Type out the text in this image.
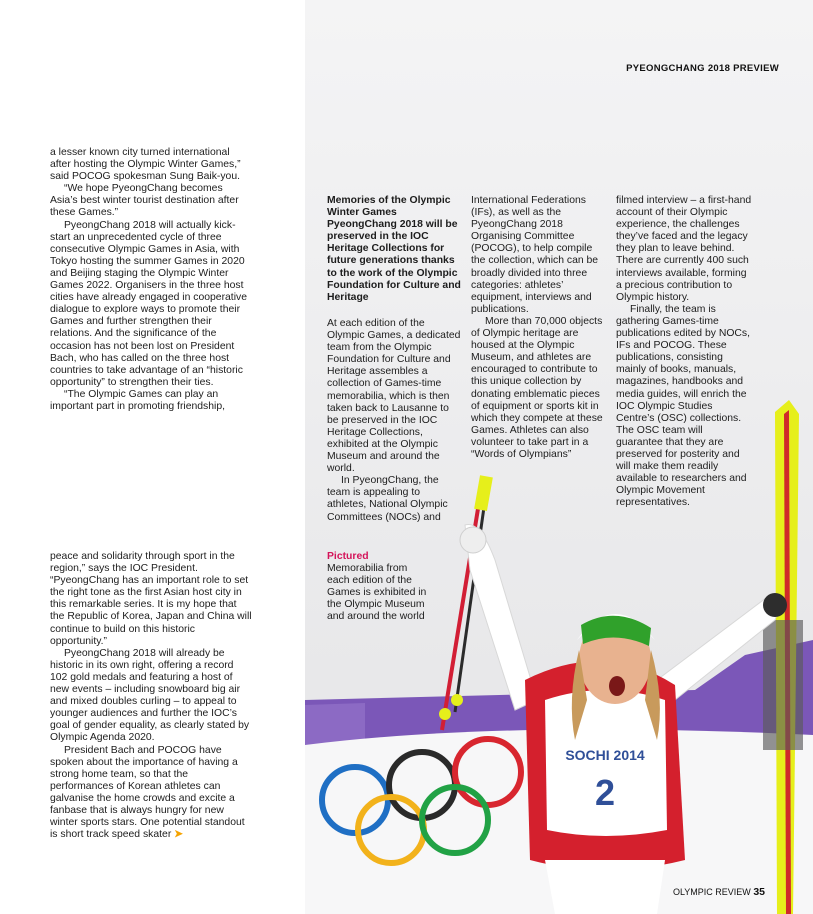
a lesser known city turned international after hosting the Olympic Winter Games,” said POCOG spokesman Sung Baik-you.

“We hope PyeongChang becomes Asia’s best winter tourist destination after these Games.”

PyeongChang 2018 will actually kick-start an unprecedented cycle of three consecutive Olympic Games in Asia, with Tokyo hosting the summer Games in 2020 and Beijing staging the Olympic Winter Games 2022. Organisers in the three host cities have already engaged in cooperative dialogue to explore ways to promote their Games and further strengthen their relations. And the significance of the occasion has not been lost on President Bach, who has called on the three host countries to take advantage of an “historic opportunity” to strengthen their ties.

“The Olympic Games can play an important part in promoting friendship,

peace and solidarity through sport in the region,” says the IOC President. “PyeongChang has an important role to set the right tone as the first Asian host city in this remarkable series. It is my hope that the Republic of Korea, Japan and China will continue to build on this historic opportunity.”

PyeongChang 2018 will already be historic in its own right, offering a record 102 gold medals and featuring a host of new events – including snowboard big air and mixed doubles curling – to appeal to younger audiences and further the IOC’s goal of gender equality, as clearly stated by Olympic Agenda 2020.

President Bach and POCOG have spoken about the importance of having a strong home team, so that the performances of Korean athletes can galvanise the home crowds and excite a fanbase that is always hungry for new winter sports stars. One potential standout is short track speed skater ➤

SOCHI 2014
2
PYEONGCHANG 2018 PREVIEW
Memories of the Olympic Winter Games PyeongChang 2018 will be preserved in the IOC Heritage Collections for future generations thanks to the work of the Olympic Foundation for Culture and Heritage

At each edition of the Olympic Games, a dedicated team from the Olympic Foundation for Culture and Heritage assembles a collection of Games-time memorabilia, which is then taken back to Lausanne to be preserved in the IOC Heritage Collections, exhibited at the Olympic Museum and around the world.

In PyeongChang, the team is appealing to athletes, National Olympic Committees (NOCs) and

International Federations (IFs), as well as the PyeongChang 2018 Organising Committee (POCOG), to help compile the collection, which can be broadly divided into three categories: athletes’ equipment, interviews and publications.

More than 70,000 objects of Olympic heritage are housed at the Olympic Museum, and athletes are encouraged to contribute to this unique collection by donating emblematic pieces of equipment or sports kit in which they compete at these Games. Athletes can also volunteer to take part in a “Words of Olympians”

filmed interview – a first-hand account of their Olympic experience, the challenges they’ve faced and the legacy they plan to leave behind. There are currently 400 such interviews available, forming a precious contribution to Olympic history.

Finally, the team is gathering Games-time publications edited by NOCs, IFs and POCOG. These publications, consisting mainly of books, manuals, magazines, handbooks and media guides, will enrich the IOC Olympic Studies Centre’s (OSC) collections. The OSC team will guarantee that they are preserved for posterity and will make them readily available to researchers and Olympic Movement representatives.

Pictured
Memorabilia from each edition of the Games is exhibited in the Olympic Museum and around the world
OLYMPIC REVIEW 35
